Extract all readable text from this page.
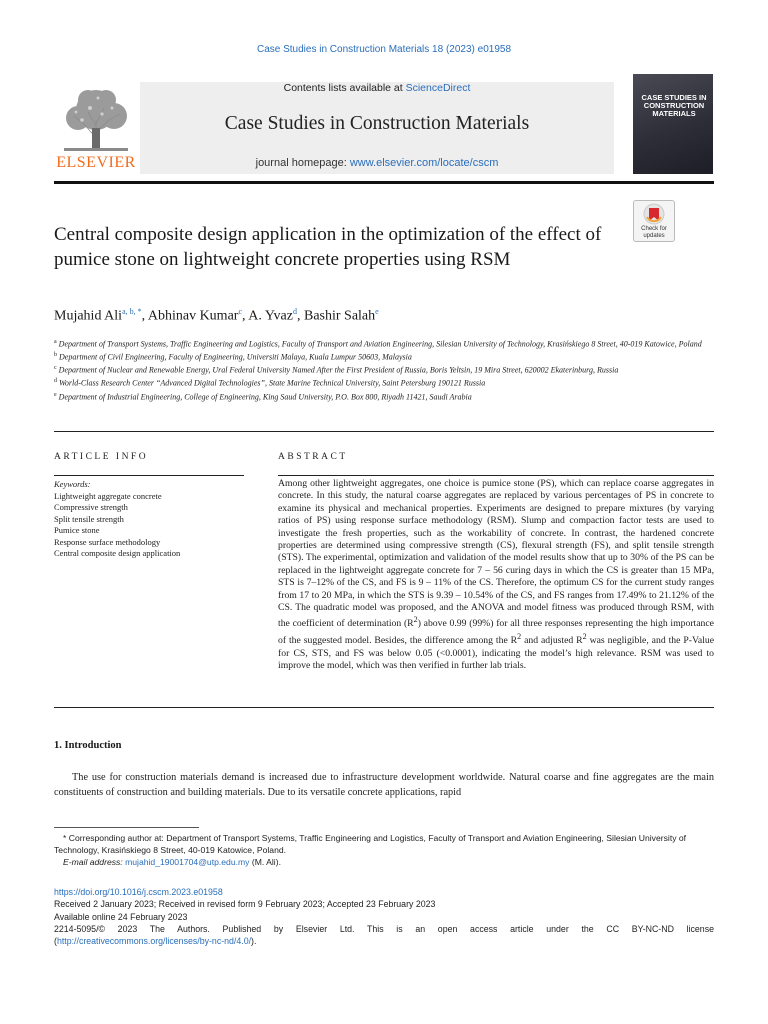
Case Studies in Construction Materials 18 (2023) e01958
Contents lists available at ScienceDirect
Case Studies in Construction Materials
journal homepage: www.elsevier.com/locate/cscm
ELSEVIER
CASE STUDIES IN CONSTRUCTION MATERIALS
Central composite design application in the optimization of the effect of pumice stone on lightweight concrete properties using RSM
Check for
updates
Mujahid Ali$^{a, b, *}$, Abhinav Kumar$^c$, A. Yvaz$^d$, Bashir Salah$^e$

$^a$ Department of Transport Systems, Traffic Engineering and Logistics, Faculty of Transport and Aviation Engineering, Silesian University of Technology, Krasińskiego 8 Street, 40-019 Katowice, Poland

$^b$ Department of Civil Engineering, Faculty of Engineering, Universiti Malaya, Kuala Lumpur 50603, Malaysia

$^c$ Department of Nuclear and Renewable Energy, Ural Federal University Named After the First President of Russia, Boris Yeltsin, 19 Mira Street, 620002 Ekaterinburg, Russia

$^d$ World-Class Research Center “Advanced Digital Technologies”, State Marine Technical University, Saint Petersburg 190121 Russia

$^e$ Department of Industrial Engineering, College of Engineering, King Saud University, P.O. Box 800, Riyadh 11421, Saudi Arabia

ARTICLE INFO	ABSTRACT
Keywords:
Lightweight aggregate concrete
Compressive strength
Split tensile strength
Pumice stone
Response surface methodology
Central composite design application
Among other lightweight aggregates, one choice is pumice stone (PS), which can replace coarse aggregates in concrete. In this study, the natural coarse aggregates are replaced by various percentages of PS in concrete to examine its physical and mechanical properties. Experiments are designed to prepare mixtures (by varying ratios of PS) using response surface methodology (RSM). Slump and compaction factor tests are used to investigate the fresh properties, such as the workability of concrete. In contrast, the hardened concrete properties are determined using compressive strength (CS), flexural strength (FS), and split tensile strength (STS). The experimental, optimization and validation of the model results show that up to 30% of the PS can be replaced in the lightweight aggregate concrete for 7 – 56 curing days in which the CS is greater than 15 MPa, STS is 7–12% of the CS, and FS is 9 – 11% of the CS. Therefore, the optimum CS for the current study ranges from 17 to 20 MPa, in which the STS is 9.39 – 10.54% of the CS, and FS ranges from 17.49% to 21.12% of the CS. The quadratic model was proposed, and the ANOVA and model fitness was produced through RSM, with the coefficient of determination $(R^2)$ above 0.99 (99%) for all three responses representing the high importance of the suggested model. Besides, the difference among the $R^2$ and adjusted $R^2$ was negligible, and the P-Value for CS, STS, and FS was below 0.05 (<0.0001), indicating the model’s high relevance. RSM was used to improve the model, which was then verified in further lab trials.
1. Introduction
The use for construction materials demand is increased due to infrastructure development worldwide. Natural coarse and fine aggregates are the main constituents of construction and building materials. Due to its versatile concrete applications, rapid

* Corresponding author at: Department of Transport Systems, Traffic Engineering and Logistics, Faculty of Transport and Aviation Engineering, Silesian University of Technology, Krasińskiego 8 Street, 40-019 Katowice, Poland.

E-mail address: mujahid_19001704@utp.edu.my (M. Ali).

https://doi.org/10.1016/j.cscm.2023.e01958

Received 2 January 2023; Received in revised form 9 February 2023; Accepted 23 February 2023

Available online 24 February 2023

2214-5095/© 2023 The Authors. Published by Elsevier Ltd. This is an open access article under the CC BY-NC-ND license

(http://creativecommons.org/licenses/by-nc-nd/4.0/).
